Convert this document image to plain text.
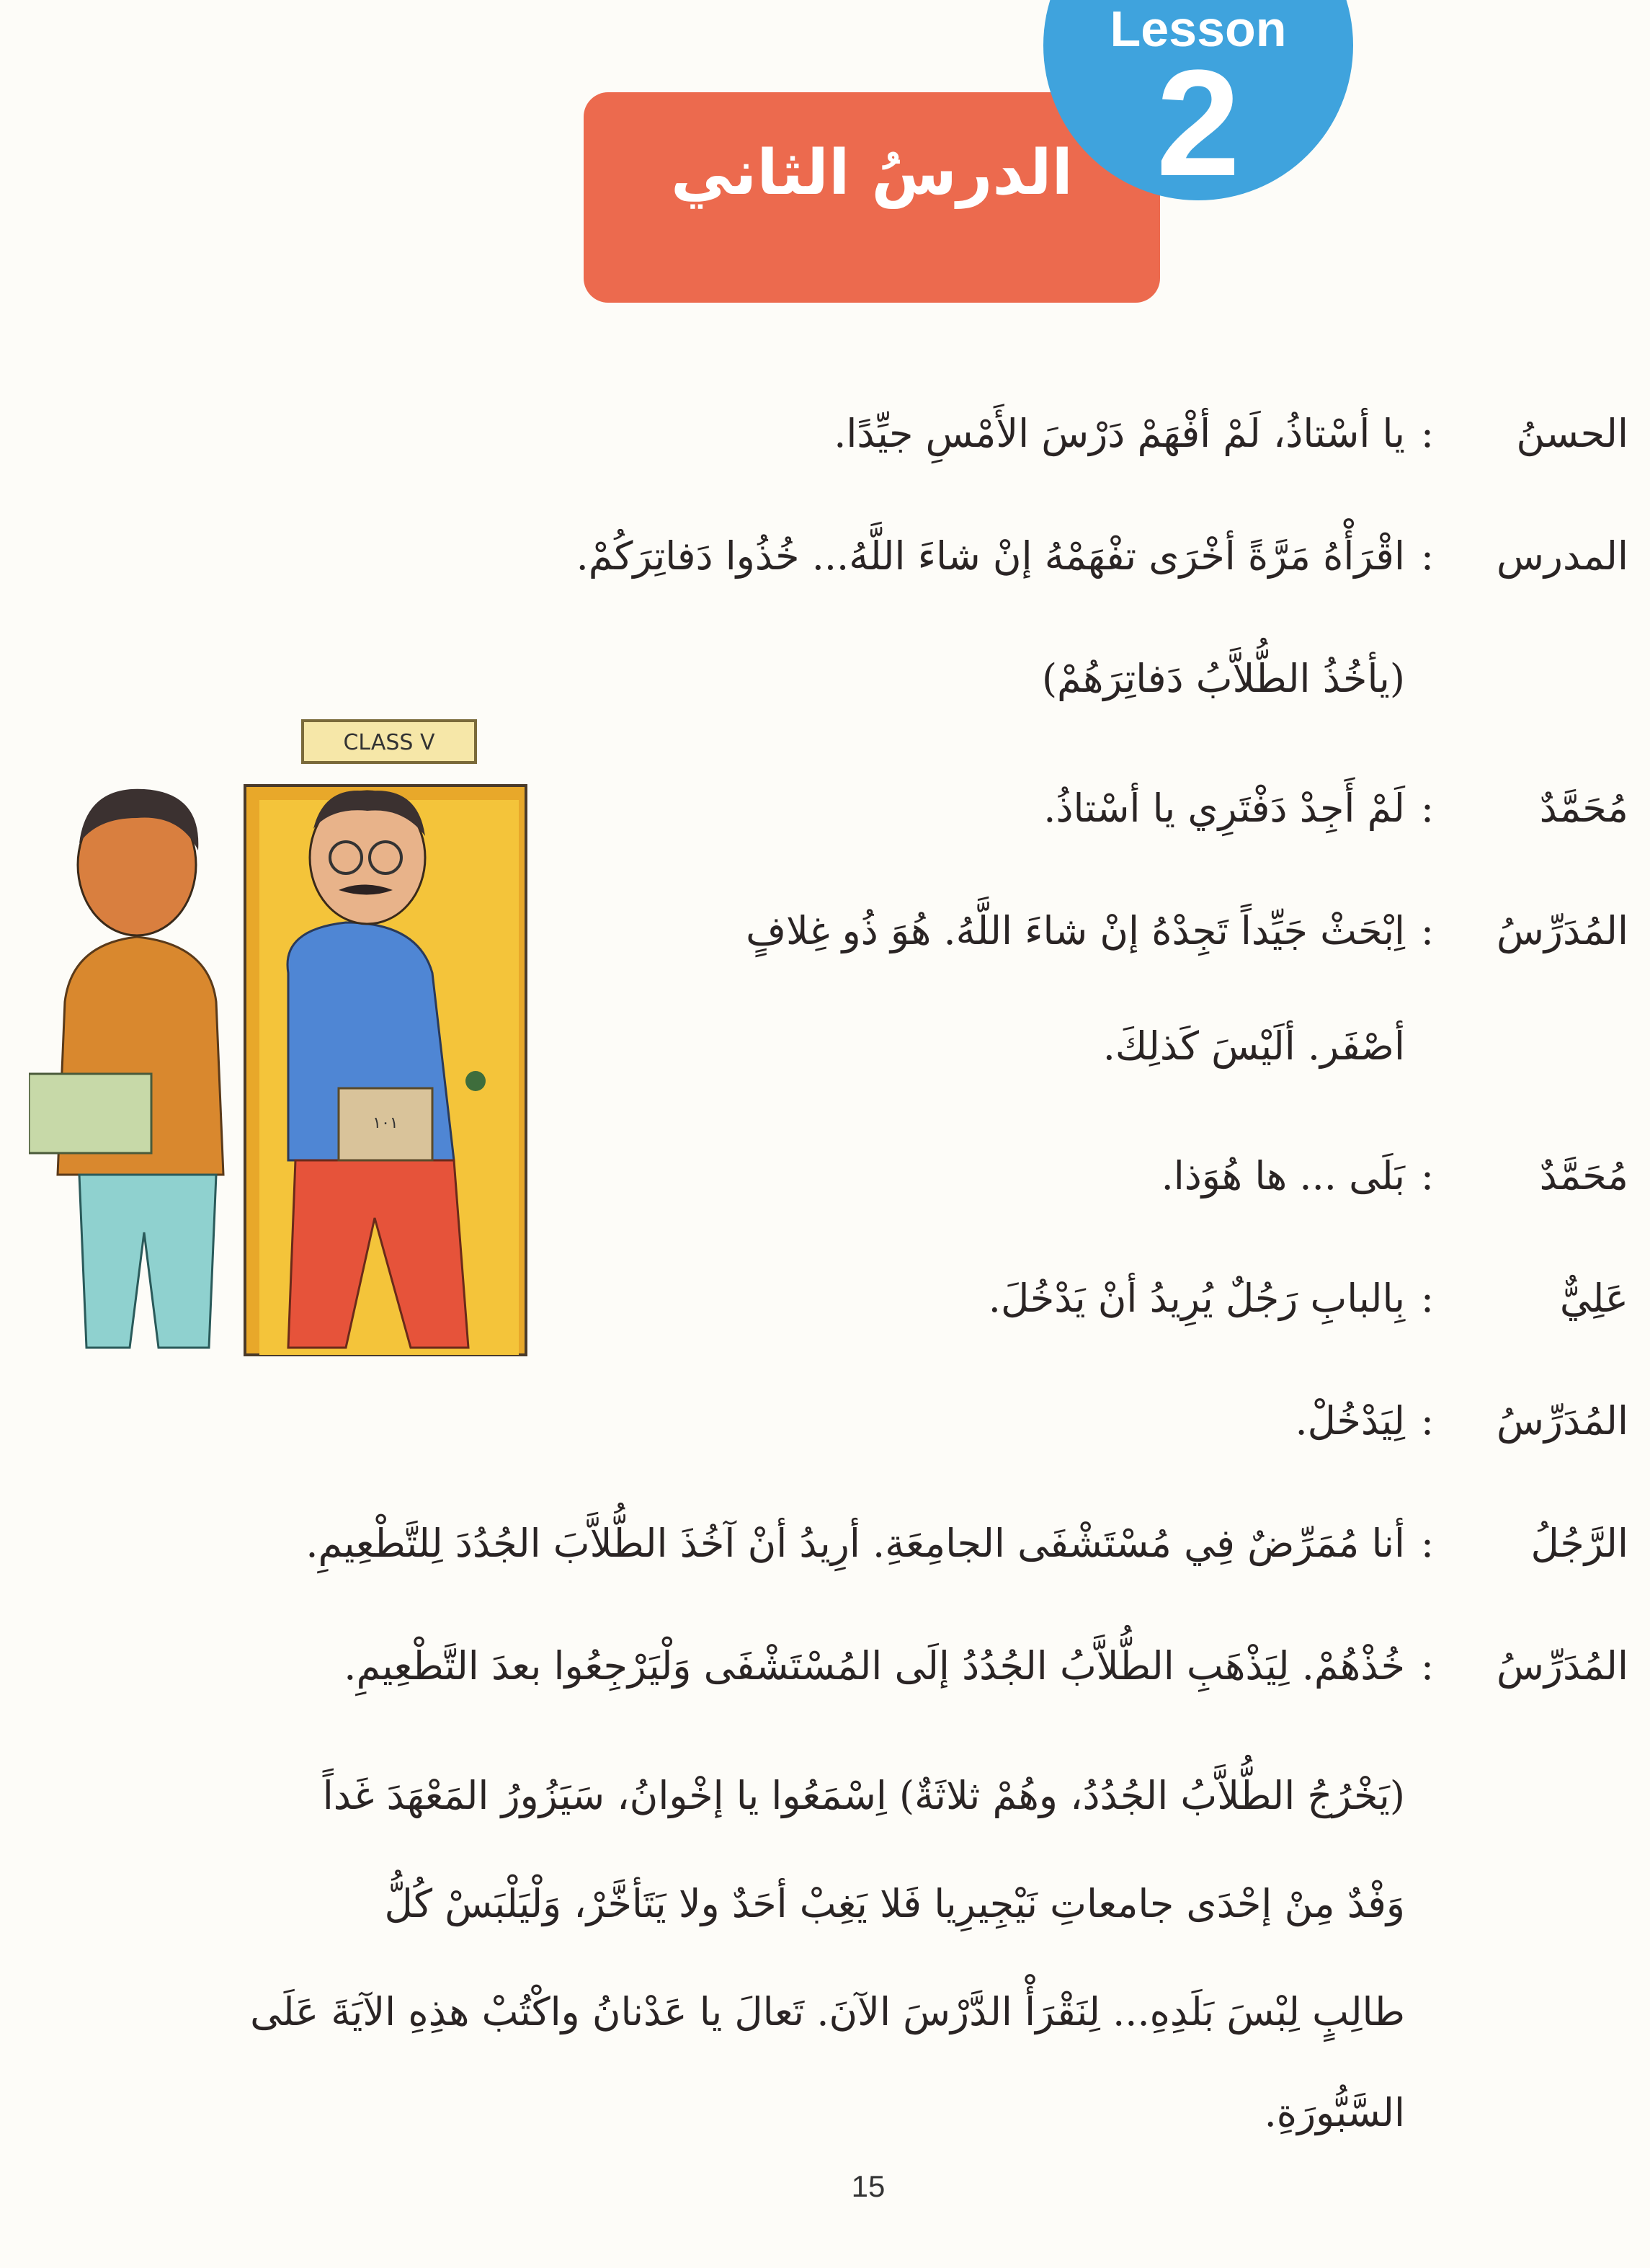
الدرسُ الثاني
Lesson
2
CLASS V
١٠١
الحسنُ
:
يا أسْتاذُ، لَمْ أفْهَمْ دَرْسَ الأَمْسِ جيِّدًا.
المدرس
:
اقْرَأْهُ مَرَّةً أخْرَى تفْهَمْهُ إنْ شاءَ اللَّهُ... خُذُوا دَفاتِرَكُمْ.
(يأخُذُ الطُّلاَّبُ دَفاتِرَهُمْ)
مُحَمَّدٌ
:
لَمْ أَجِدْ دَفْتَرِي يا أسْتاذُ.
المُدَرِّسُ
:
اِبْحَثْ جَيِّداً تَجِدْهُ إنْ شاءَ اللَّهُ. هُوَ ذُو غِلافٍ
أصْفَر. ألَيْسَ كَذلِكَ.
مُحَمَّدٌ
:
بَلَى ... ها هُوَذا.
عَلِيٌّ
:
بِالبابِ رَجُلٌ يُرِيدُ أنْ يَدْخُلَ.
المُدَرِّسُ
:
لِيَدْخُلْ.
الرَّجُلُ
:
أنا مُمَرِّضٌ فِي مُسْتَشْفَى الجامِعَةِ. أرِيدُ أنْ آخُذَ الطُّلاَّبَ الجُدُدَ لِلتَّطْعِيمِ.
المُدَرِّسُ
:
خُذْهُمْ. لِيَذْهَبِ الطُّلاَّبُ الجُدُدُ إلَى المُسْتَشْفَى وَلْيَرْجِعُوا بعدَ التَّطْعِيمِ.
(يَخْرُجُ الطُّلاَّبُ الجُدُدُ، وهُمْ ثلاثَةٌ) اِسْمَعُوا يا إخْوانُ، سَيَزُورُ المَعْهَدَ غَداً
وَفْدٌ مِنْ إحْدَى جامعاتِ نَيْجِيرِيا فَلا يَغِبْ أحَدٌ ولا يَتَأخَّرْ، وَلْيَلْبَسْ كُلُّ
طالِبٍ لِبْسَ بَلَدِهِ... لِنَقْرَأْ الدَّرْسَ الآنَ. تَعالَ يا عَدْنانُ واكْتُبْ هذِهِ الآيَةَ عَلَى
السَّبُّورَةِ.
15
